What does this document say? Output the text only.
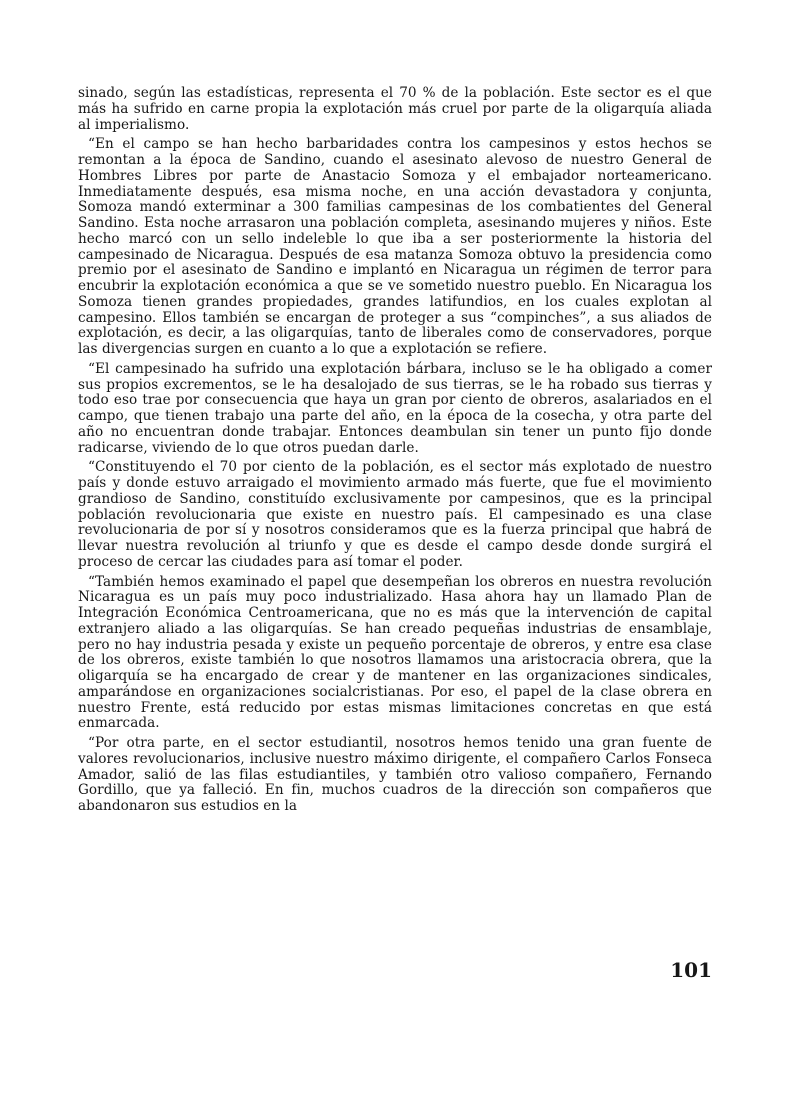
sinado, según las estadísticas, representa el 70 % de la población. Este sector es el que más ha sufrido en carne propia la explotación más cruel por parte de la oligarquía aliada al imperialismo.

“En el campo se han hecho barbaridades contra los campesinos y estos hechos se remontan a la época de Sandino, cuando el asesinato alevoso de nuestro General de Hombres Libres por parte de Anastacio Somoza y el embajador norteamericano. Inmediatamente después, esa misma noche, en una acción devastadora y conjunta, Somoza mandó exterminar a 300 familias campesinas de los combatientes del General Sandino. Esta noche arrasaron una población completa, asesinando mujeres y niños. Este hecho marcó con un sello indeleble lo que iba a ser posteriormente la historia del campesinado de Nicaragua. Después de esa matanza Somoza obtuvo la presidencia como premio por el asesinato de Sandino e implantó en Nicaragua un régimen de terror para encubrir la explotación económica a que se ve sometido nuestro pueblo. En Nicaragua los Somoza tienen grandes propiedades, grandes latifundios, en los cuales explotan al campesino. Ellos también se encargan de proteger a sus “compinches”, a sus aliados de explotación, es decir, a las oligarquías, tanto de liberales como de conservadores, porque las divergencias surgen en cuanto a lo que a explotación se refiere.

“El campesinado ha sufrido una explotación bárbara, incluso se le ha obligado a comer sus propios excrementos, se le ha desalojado de sus tierras, se le ha robado sus tierras y todo eso trae por consecuencia que haya un gran por ciento de obreros, asalariados en el campo, que tienen trabajo una parte del año, en la época de la cosecha, y otra parte del año no encuentran donde trabajar. Entonces deambulan sin tener un punto fijo donde radicarse, viviendo de lo que otros puedan darle.

“Constituyendo el 70 por ciento de la población, es el sector más explotado de nuestro país y donde estuvo arraigado el movimiento armado más fuerte, que fue el movimiento grandioso de Sandino, constituído exclusivamente por campesinos, que es la principal población revolucionaria que existe en nuestro país. El campesinado es una clase revolucionaria de por sí y nosotros consideramos que es la fuerza principal que habrá de llevar nuestra revolución al triunfo y que es desde el campo desde donde surgirá el proceso de cercar las ciudades para así tomar el poder.

“También hemos examinado el papel que desempeñan los obreros en nuestra revolución Nicaragua es un país muy poco industrializado. Hasa ahora hay un llamado Plan de Integración Económica Centroamericana, que no es más que la intervención de capital extranjero aliado a las oligarquías. Se han creado pequeñas industrias de ensamblaje, pero no hay industria pesada y existe un pequeño porcentaje de obreros, y entre esa clase de los obreros, existe también lo que nosotros llamamos una aristocracia obrera, que la oligarquía se ha encargado de crear y de mantener en las organizaciones sindicales, amparándose en organizaciones socialcristianas. Por eso, el papel de la clase obrera en nuestro Frente, está reducido por estas mismas limitaciones concretas en que está enmarcada.

“Por otra parte, en el sector estudiantil, nosotros hemos tenido una gran fuente de valores revolucionarios, inclusive nuestro máximo dirigente, el compañero Carlos Fonseca Amador, salió de las filas estudiantiles, y también otro valioso compañero, Fernando Gordillo, que ya falleció. En fin, muchos cuadros de la dirección son compañeros que abandonaron sus estudios en la

101
